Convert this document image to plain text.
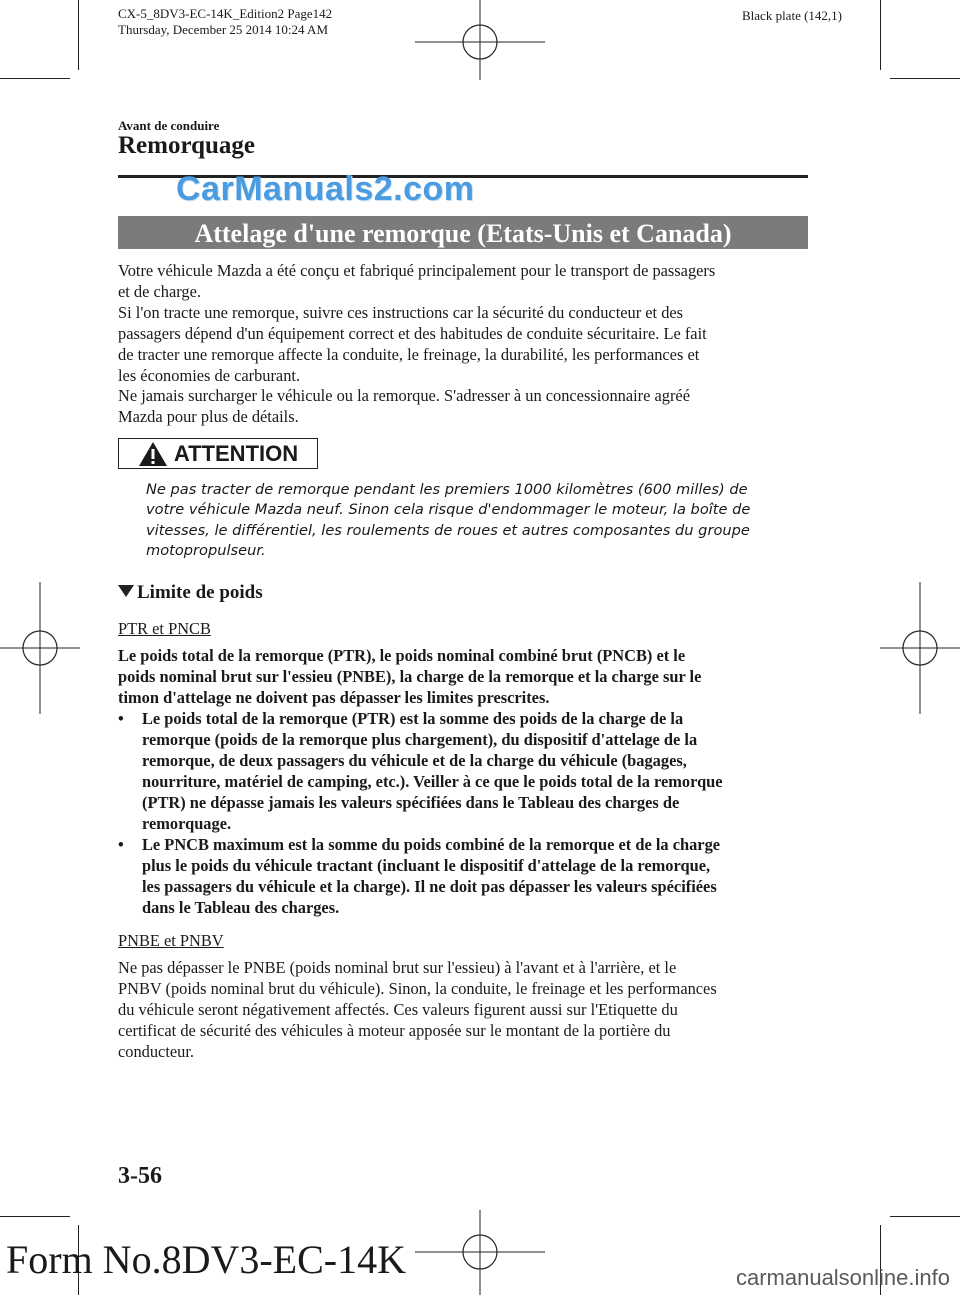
CX-5_8DV3-EC-14K_Edition2 Page142
Thursday, December 25 2014 10:24 AM
Black plate (142,1)
Avant de conduire
Remorquage
CarManuals2.com
Attelage d'une remorque (Etats-Unis et Canada)
Votre véhicule Mazda a été conçu et fabriqué principalement pour le transport de passagers
et de charge.
Si l'on tracte une remorque, suivre ces instructions car la sécurité du conducteur et des
passagers dépend d'un équipement correct et des habitudes de conduite sécuritaire. Le fait
de tracter une remorque affecte la conduite, le freinage, la durabilité, les performances et
les économies de carburant.
Ne jamais surcharger le véhicule ou la remorque. S'adresser à un concessionnaire agréé
Mazda pour plus de détails.
ATTENTION
Ne pas tracter de remorque pendant les premiers 1000 kilomètres (600 milles) de
votre véhicule Mazda neuf. Sinon cela risque d'endommager le moteur, la boîte de
vitesses, le différentiel, les roulements de roues et autres composantes du groupe
motopropulseur.
Limite de poids
PTR et PNCB
Le poids total de la remorque (PTR), le poids nominal combiné brut (PNCB) et le
poids nominal brut sur l'essieu (PNBE), la charge de la remorque et la charge sur le
timon d'attelage ne doivent pas dépasser les limites prescrites.
• Le poids total de la remorque (PTR) est la somme des poids de la charge de la
remorque (poids de la remorque plus chargement), du dispositif d'attelage de la
remorque, de deux passagers du véhicule et de la charge du véhicule (bagages,
nourriture, matériel de camping, etc.). Veiller à ce que le poids total de la remorque
(PTR) ne dépasse jamais les valeurs spécifiées dans le Tableau des charges de
remorquage.
• Le PNCB maximum est la somme du poids combiné de la remorque et de la charge
plus le poids du véhicule tractant (incluant le dispositif d'attelage de la remorque,
les passagers du véhicule et la charge). Il ne doit pas dépasser les valeurs spécifiées
dans le Tableau des charges.
PNBE et PNBV
Ne pas dépasser le PNBE (poids nominal brut sur l'essieu) à l'avant et à l'arrière, et le
PNBV (poids nominal brut du véhicule). Sinon, la conduite, le freinage et les performances
du véhicule seront négativement affectés. Ces valeurs figurent aussi sur l'Etiquette du
certificat de sécurité des véhicules à moteur apposée sur le montant de la portière du
conducteur.
3-56
Form No.8DV3-EC-14K	carmanualsonline.info
